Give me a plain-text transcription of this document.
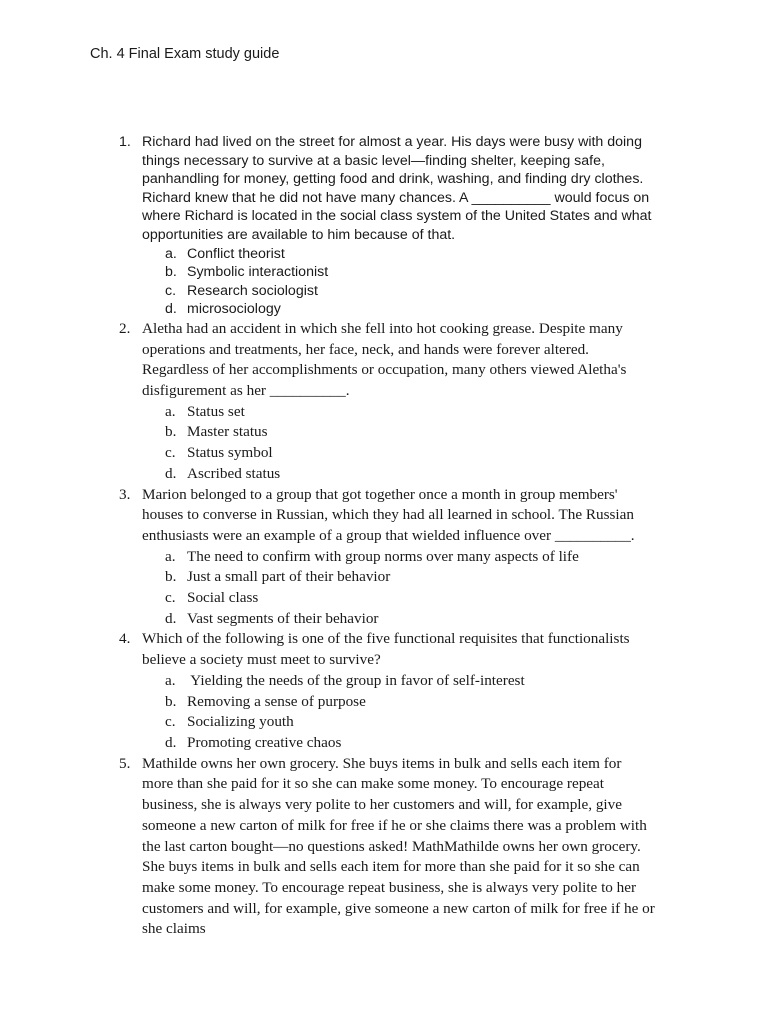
Ch. 4 Final Exam study guide
1. Richard had lived on the street for almost a year. His days were busy with doing things necessary to survive at a basic level—finding shelter, keeping safe, panhandling for money, getting food and drink, washing, and finding dry clothes. Richard knew that he did not have many chances. A __________ would focus on where Richard is located in the social class system of the United States and what opportunities are available to him because of that.
a. Conflict theorist
b. Symbolic interactionist
c. Research sociologist
d. microsociology
2. Aletha had an accident in which she fell into hot cooking grease. Despite many operations and treatments, her face, neck, and hands were forever altered. Regardless of her accomplishments or occupation, many others viewed Aletha's disfigurement as her __________.
a. Status set
b. Master status
c. Status symbol
d. Ascribed status
3. Marion belonged to a group that got together once a month in group members' houses to converse in Russian, which they had all learned in school. The Russian enthusiasts were an example of a group that wielded influence over __________.
a. The need to confirm with group norms over many aspects of life
b. Just a small part of their behavior
c. Social class
d. Vast segments of their behavior
4. Which of the following is one of the five functional requisites that functionalists believe a society must meet to survive?
a. Yielding the needs of the group in favor of self-interest
b. Removing a sense of purpose
c. Socializing youth
d. Promoting creative chaos
5. Mathilde owns her own grocery. She buys items in bulk and sells each item for more than she paid for it so she can make some money. To encourage repeat business, she is always very polite to her customers and will, for example, give someone a new carton of milk for free if he or she claims there was a problem with the last carton bought—no questions asked! MathMathilde owns her own grocery. She buys items in bulk and sells each item for more than she paid for it so she can make some money. To encourage repeat business, she is always very polite to her customers and will, for example, give someone a new carton of milk for free if he or she claims
